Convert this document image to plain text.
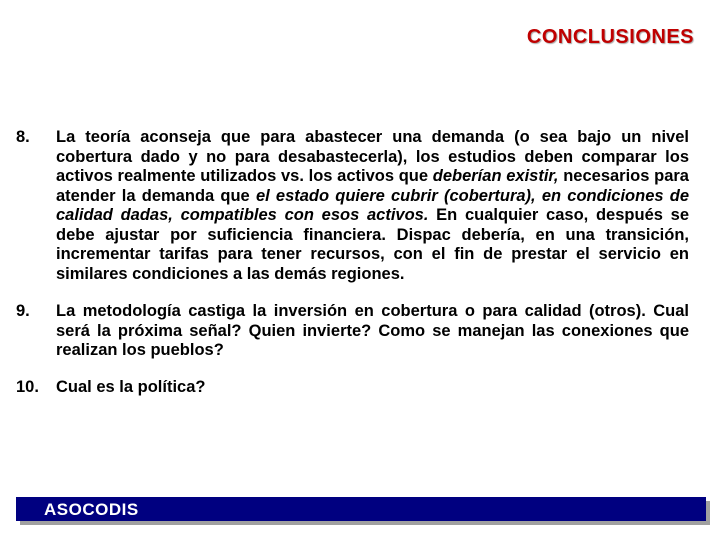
CONCLUSIONES
8.	La teoría aconseja que para abastecer una demanda (o sea bajo un nivel cobertura dado y no para desabastecerla), los estudios deben comparar los activos realmente utilizados vs. los activos que deberían existir, necesarios para atender la demanda que el estado quiere cubrir (cobertura), en condiciones de calidad dadas, compatibles con esos activos. En cualquier caso, después se debe ajustar por suficiencia financiera. Dispac debería, en una transición, incrementar tarifas para tener recursos, con el fin de prestar el servicio en similares condiciones a las demás regiones.
9.	La metodología castiga la inversión en cobertura o para calidad (otros). Cual será la próxima señal? Quien invierte? Como se manejan las conexiones que realizan los pueblos?
10.	Cual es la política?
ASOCODIS
